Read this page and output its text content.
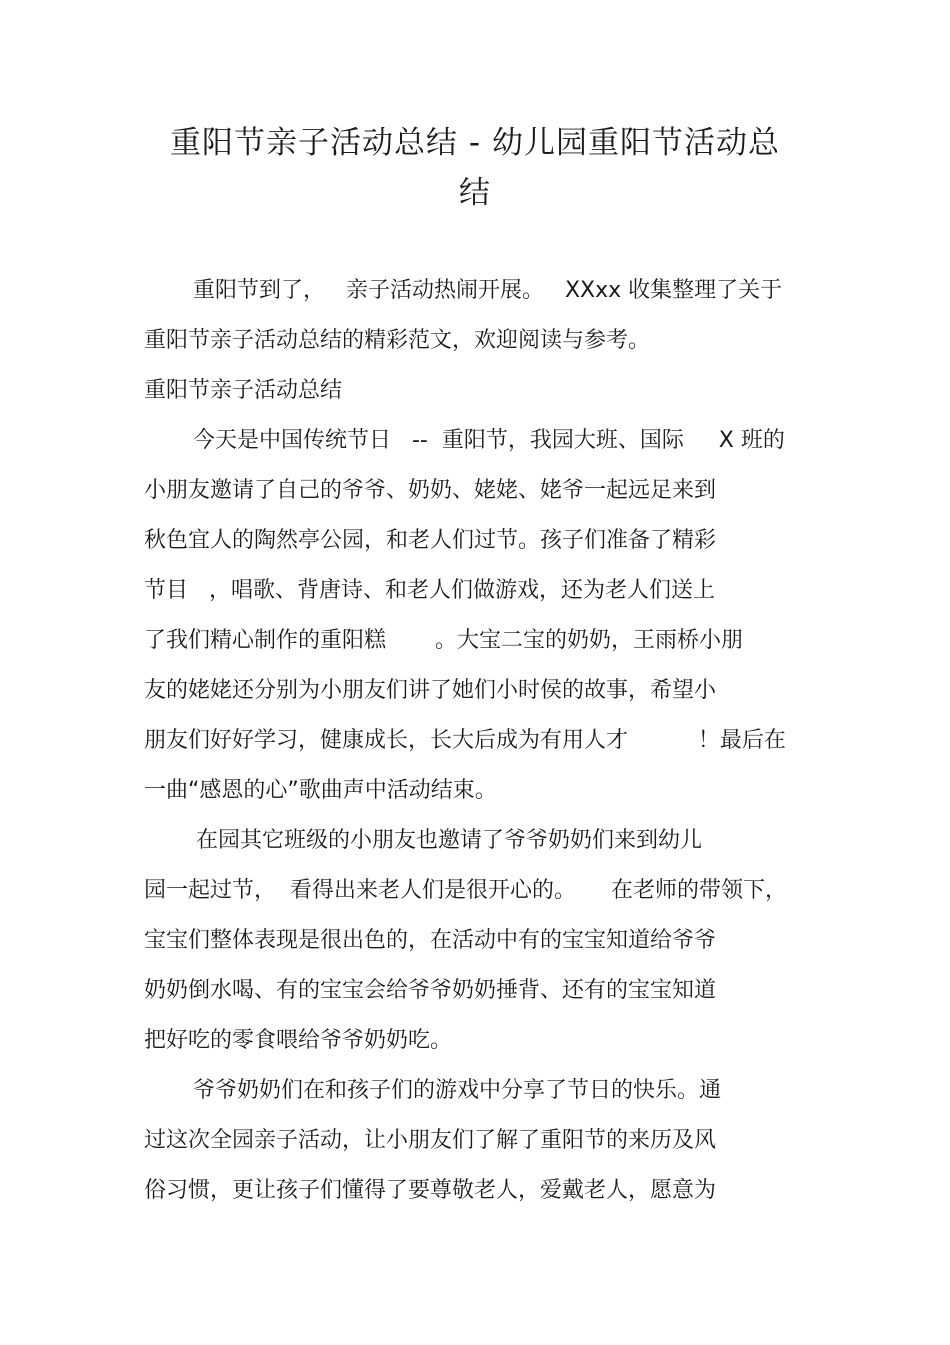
重阳节亲子活动总结 - 幼儿园重阳节活动总
结
重阳节到了，   亲子活动热闹开展。   XXxx 收集整理了关于
重阳节亲子活动总结的精彩范文，欢迎阅读与参考。
重阳节亲子活动总结
今天是中国传统节日   --  重阳节，我园大班、国际     X 班的
小朋友邀请了自己的爷爷、奶奶、姥姥、姥爷一起远足来到
秋色宜人的陶然亭公园，和老人们过节。孩子们准备了精彩
节目   ，唱歌、背唐诗、和老人们做游戏，还为老人们送上
了我们精心制作的重阳糕       。大宝二宝的奶奶，王雨桥小朋
友的姥姥还分别为小朋友们讲了她们小时侯的故事，希望小
朋友们好好学习，健康成长，长大后成为有用人才          ！最后在
一曲“感恩的心”歌曲声中活动结束。
在园其它班级的小朋友也邀请了爷爷奶奶们来到幼儿
园一起过节，  看得出来老人们是很开心的。     在老师的带领下，
宝宝们整体表现是很出色的，在活动中有的宝宝知道给爷爷
奶奶倒水喝、有的宝宝会给爷爷奶奶捶背、还有的宝宝知道
把好吃的零食喂给爷爷奶奶吃。
爷爷奶奶们在和孩子们的游戏中分享了节日的快乐。通
过这次全园亲子活动，让小朋友们了解了重阳节的来历及风
俗习惯，更让孩子们懂得了要尊敬老人，爱戴老人，愿意为
